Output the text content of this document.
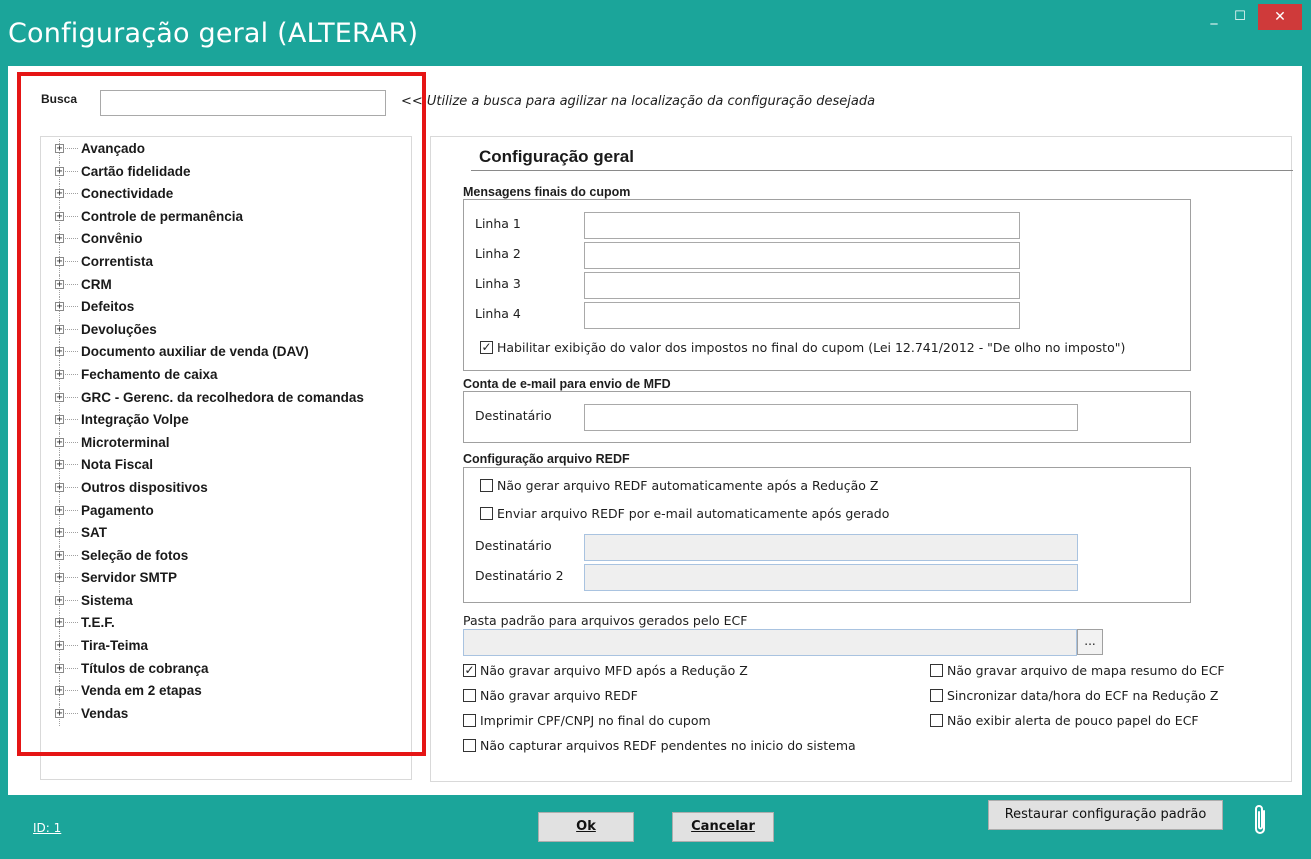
Configuração geral (ALTERAR)
_	☐	✕
Busca	<< Utilize a busca para agilizar na localização da configuração desejada
+ Avançado
+ Cartão fidelidade
+ Conectividade
+ Controle de permanência
+ Convênio
+ Correntista
+ CRM
+ Defeitos
+ Devoluções
+ Documento auxiliar de venda (DAV)
+ Fechamento de caixa
+ GRC - Gerenc. da recolhedora de comandas
+ Integração Volpe
+ Microterminal
+ Nota Fiscal
+ Outros dispositivos
+ Pagamento
+ SAT
+ Seleção de fotos
+ Servidor SMTP
+ Sistema
+ T.E.F.
+ Tira-Teima
+ Títulos de cobrança
+ Venda em 2 etapas
+ Vendas
Configuração geral
Mensagens finais do cupom
Linha 1
Linha 2
Linha 3
Linha 4
✓ Habilitar exibição do valor dos impostos no final do cupom (Lei 12.741/2012 - "De olho no imposto")
Conta de e-mail para envio de MFD
Destinatário
Configuração arquivo REDF
Não gerar arquivo REDF automaticamente após a Redução Z
Enviar arquivo REDF por e-mail automaticamente após gerado
Destinatário
Destinatário 2
Pasta padrão para arquivos gerados pelo ECF
...
✓ Não gravar arquivo MFD após a Redução Z
Não gravar arquivo REDF
Imprimir CPF/CNPJ no final do cupom
Não capturar arquivos REDF pendentes no inicio do sistema
Não gravar arquivo de mapa resumo do ECF
Sincronizar data/hora do ECF na Redução Z
Não exibir alerta de pouco papel do ECF
ID: 1	Ok	Cancelar
Restaurar configuração padrão
